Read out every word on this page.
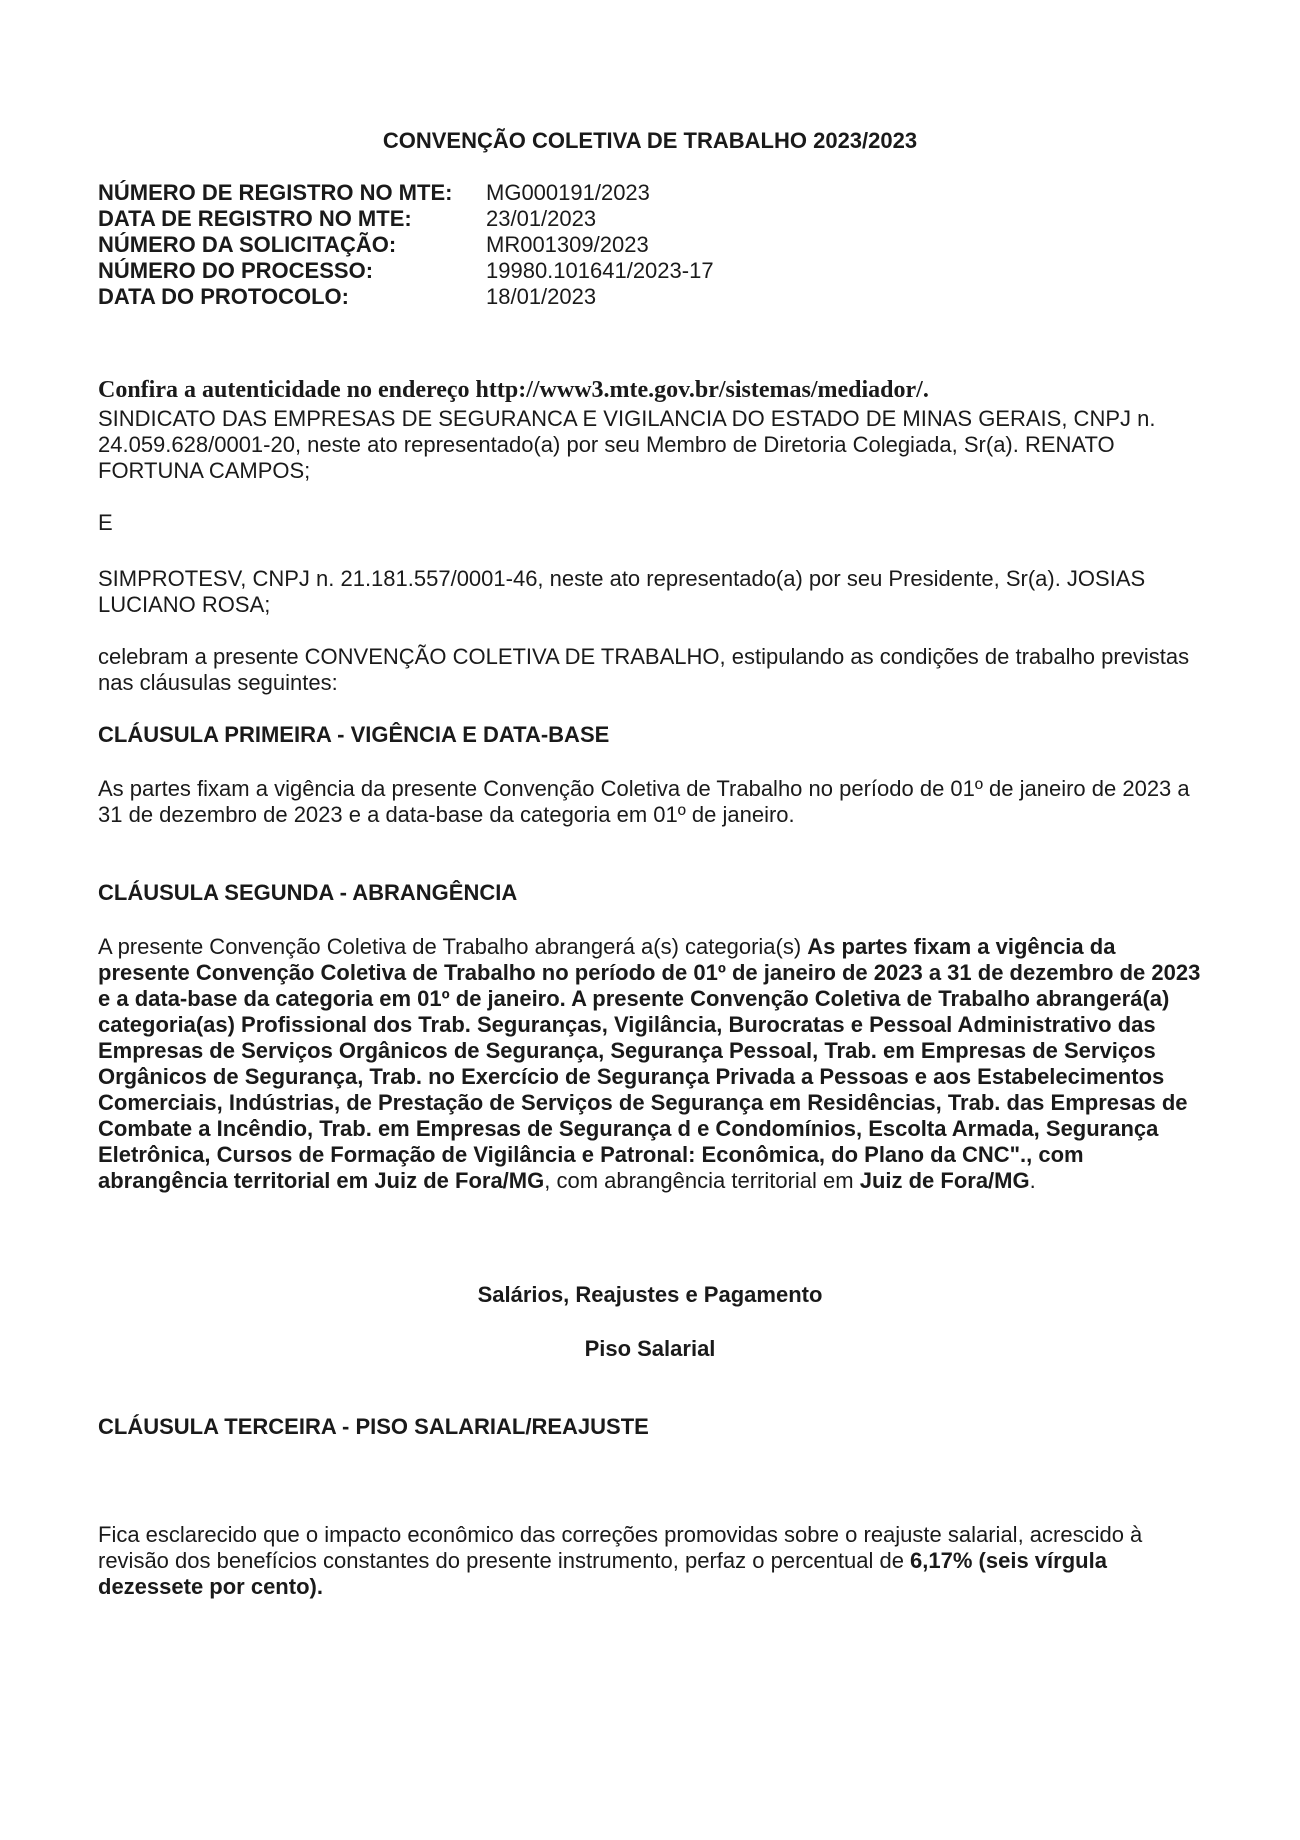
CONVENÇÃO COLETIVA DE TRABALHO 2023/2023
NÚMERO DE REGISTRO NO MTE:	MG000191/2023
DATA DE REGISTRO NO MTE:	23/01/2023
NÚMERO DA SOLICITAÇÃO:	MR001309/2023
NÚMERO DO PROCESSO:	19980.101641/2023-17
DATA DO PROTOCOLO:	18/01/2023
Confira a autenticidade no endereço http://www3.mte.gov.br/sistemas/mediador/.
SINDICATO DAS EMPRESAS DE SEGURANCA E VIGILANCIA DO ESTADO DE MINAS GERAIS, CNPJ n. 24.059.628/0001-20, neste ato representado(a) por seu Membro de Diretoria Colegiada, Sr(a). RENATO FORTUNA CAMPOS;
E
SIMPROTESV, CNPJ n. 21.181.557/0001-46, neste ato representado(a) por seu Presidente, Sr(a). JOSIAS LUCIANO ROSA;
celebram a presente CONVENÇÃO COLETIVA DE TRABALHO, estipulando as condições de trabalho previstas nas cláusulas seguintes:
CLÁUSULA PRIMEIRA - VIGÊNCIA E DATA-BASE
As partes fixam a vigência da presente Convenção Coletiva de Trabalho no período de 01º de janeiro de 2023 a 31 de dezembro de 2023 e a data-base da categoria em 01º de janeiro.
CLÁUSULA SEGUNDA - ABRANGÊNCIA
A presente Convenção Coletiva de Trabalho abrangerá a(s) categoria(s) As partes fixam a vigência da presente Convenção Coletiva de Trabalho no período de 01º de janeiro de 2023 a 31 de dezembro de 2023 e a data-base da categoria em 01º de janeiro. A presente Convenção Coletiva de Trabalho abrangerá(a) categoria(as) Profissional dos Trab. Seguranças, Vigilância, Burocratas e Pessoal Administrativo das Empresas de Serviços Orgânicos de Segurança, Segurança Pessoal, Trab. em Empresas de Serviços Orgânicos de Segurança, Trab. no Exercício de Segurança Privada a Pessoas e aos Estabelecimentos Comerciais, Indústrias, de Prestação de Serviços de Segurança em Residências, Trab. das Empresas de Combate a Incêndio, Trab. em Empresas de Segurança d e Condomínios, Escolta Armada, Segurança Eletrônica, Cursos de Formação de Vigilância e Patronal: Econômica, do Plano da CNC"., com abrangência territorial em Juiz de Fora/MG, com abrangência territorial em Juiz de Fora/MG.
Salários, Reajustes e Pagamento
Piso Salarial
CLÁUSULA TERCEIRA - PISO SALARIAL/REAJUSTE
Fica esclarecido que o impacto econômico das correções promovidas sobre o reajuste salarial, acrescido à revisão dos benefícios constantes do presente instrumento, perfaz o percentual de 6,17% (seis vírgula dezessete por cento).
